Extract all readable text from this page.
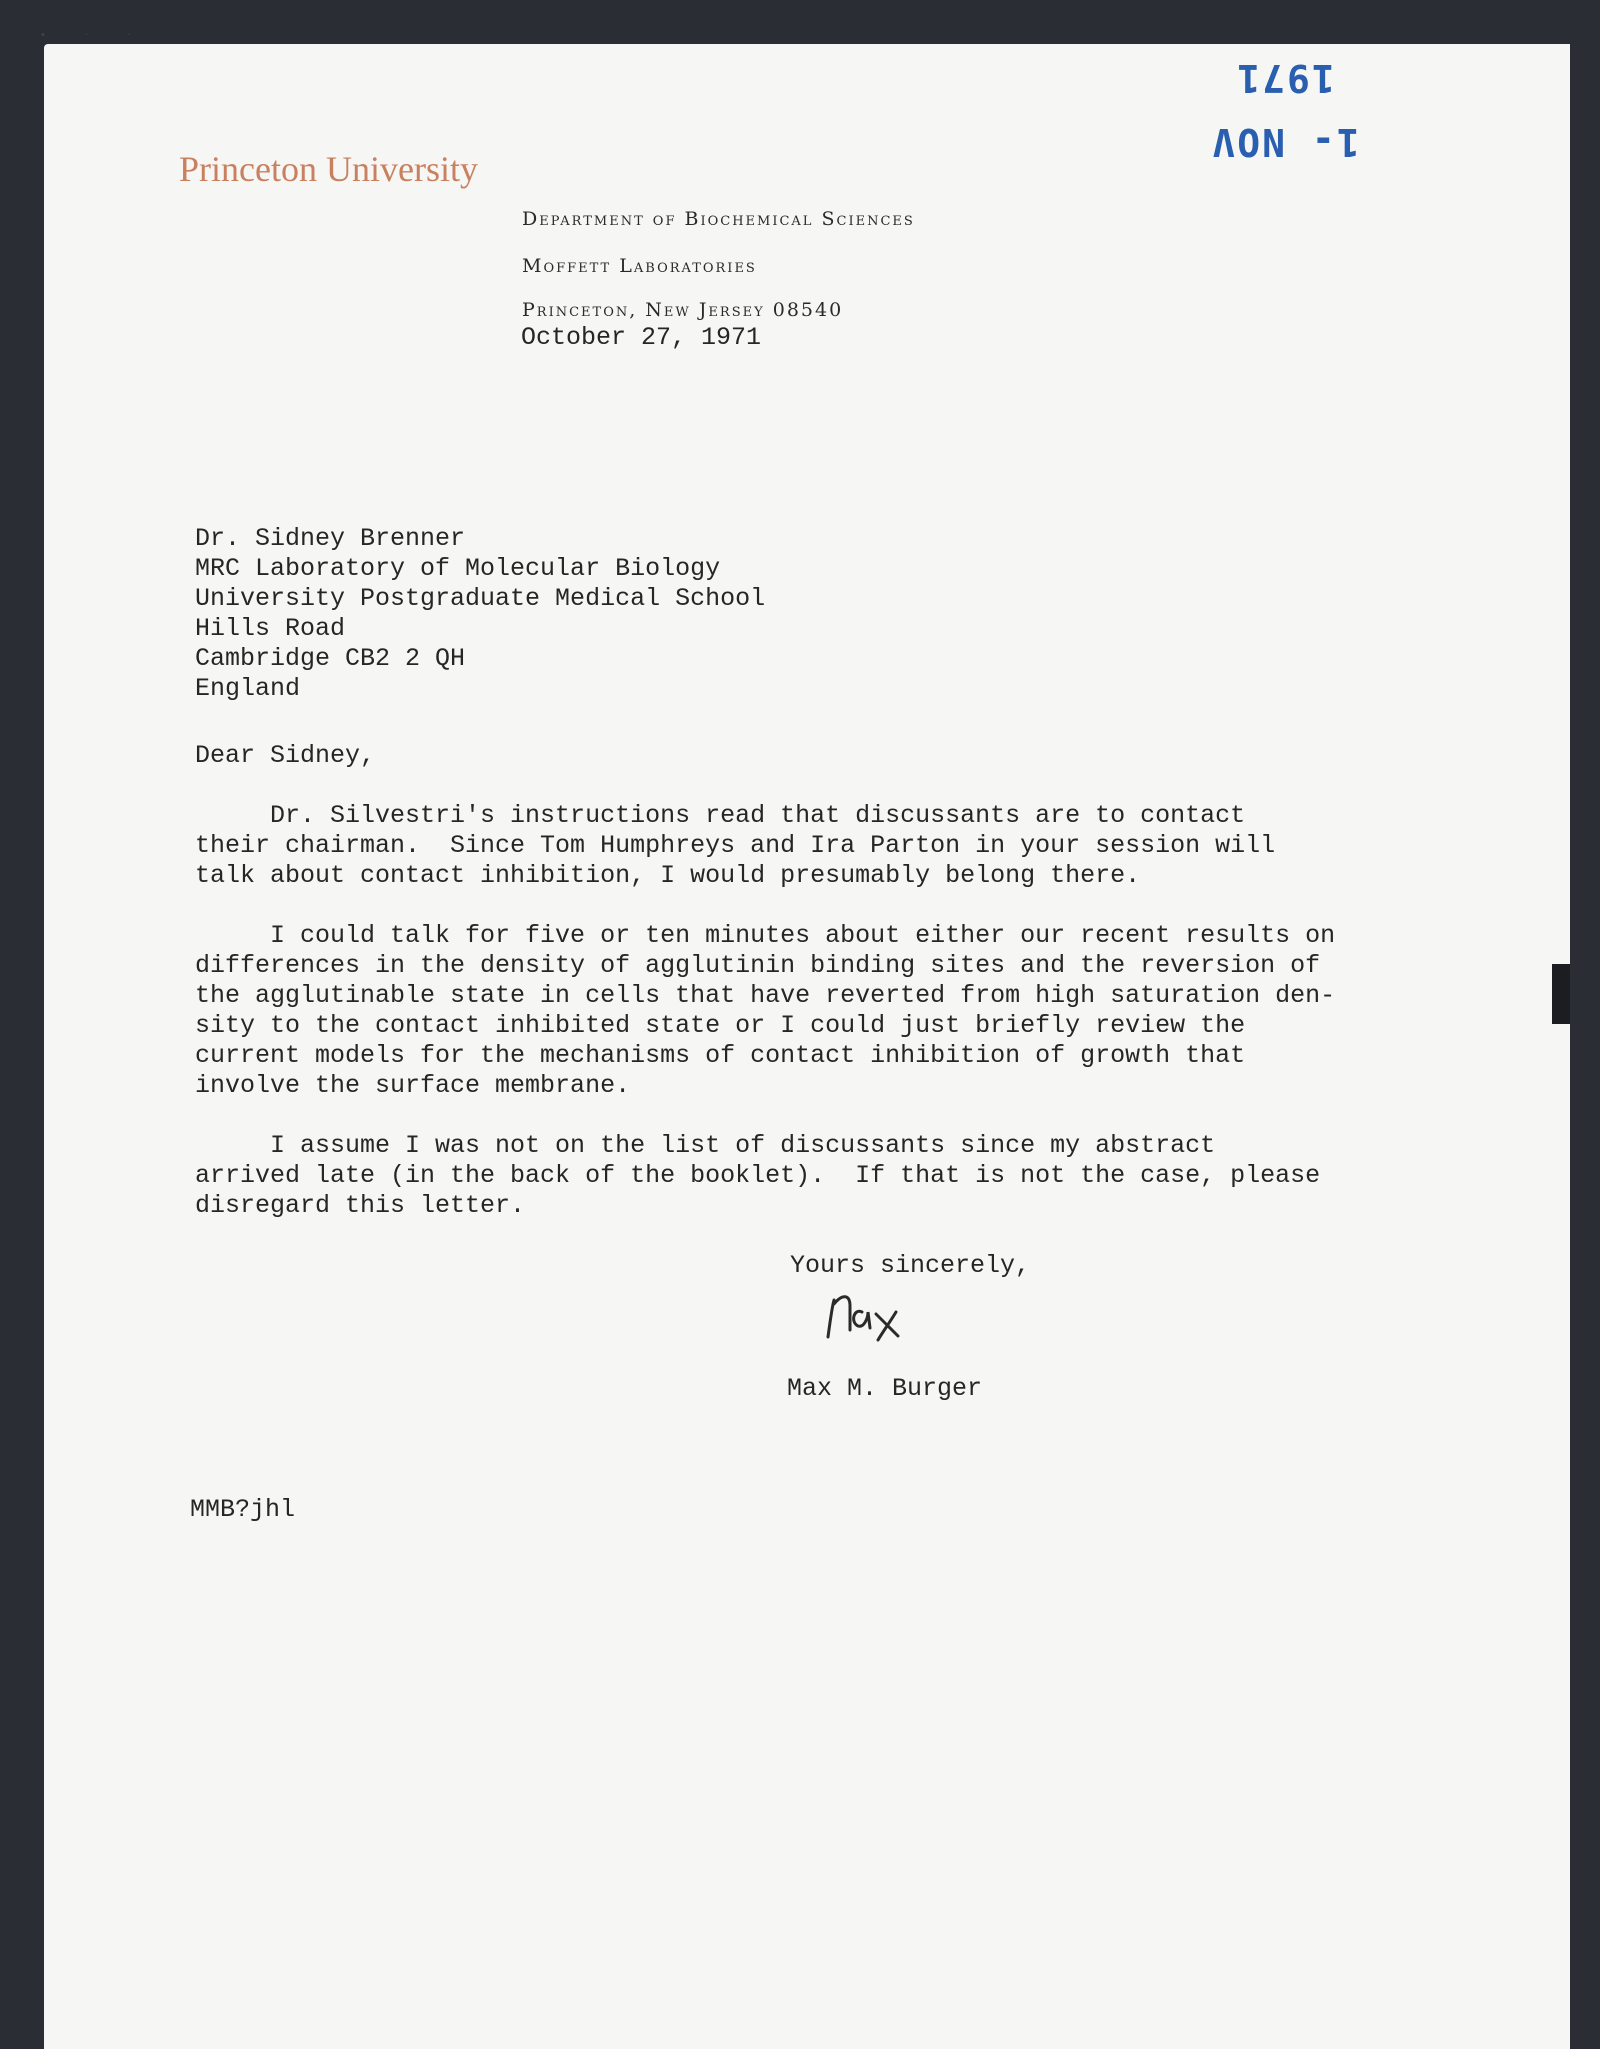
• · ·
1- NOV 1971
Princeton University
Department of Biochemical Sciences
Moffett Laboratories
Princeton, New Jersey 08540
October 27, 1971
Dr. Sidney Brenner
MRC Laboratory of Molecular Biology
University Postgraduate Medical School
Hills Road
Cambridge CB2 2 QH
England
Dear Sidney,
Dr. Silvestri's instructions read that discussants are to contact
their chairman.  Since Tom Humphreys and Ira Parton in your session will
talk about contact inhibition, I would presumably belong there.
I could talk for five or ten minutes about either our recent results on
differences in the density of agglutinin binding sites and the reversion of
the agglutinable state in cells that have reverted from high saturation den-
sity to the contact inhibited state or I could just briefly review the
current models for the mechanisms of contact inhibition of growth that
involve the surface membrane.
I assume I was not on the list of discussants since my abstract
arrived late (in the back of the booklet).  If that is not the case, please
disregard this letter.
Yours sincerely,
Max M. Burger
MMB?jhl
